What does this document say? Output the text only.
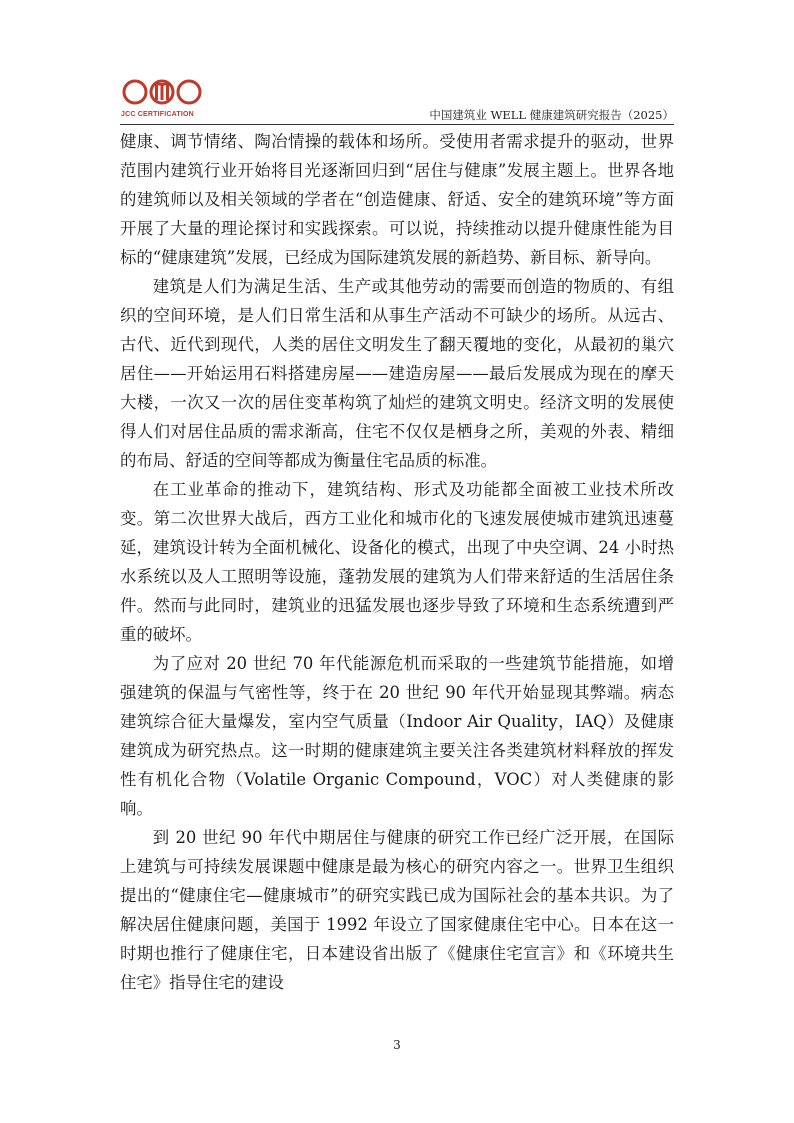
JCC CERTIFICATION	中国建筑业 WELL 健康建筑研究报告（2025）

健康、调节情绪、陶冶情操的载体和场所。受使用者需求提升的驱动，世界范围内建筑行业开始将目光逐渐回归到“居住与健康”发展主题上。世界各地的建筑师以及相关领域的学者在“创造健康、舒适、安全的建筑环境”等方面开展了大量的理论探讨和实践探索。可以说，持续推动以提升健康性能为目标的“健康建筑”发展，已经成为国际建筑发展的新趋势、新目标、新导向。

建筑是人们为满足生活、生产或其他劳动的需要而创造的物质的、有组织的空间环境，是人们日常生活和从事生产活动不可缺少的场所。从远古、古代、近代到现代，人类的居住文明发生了翻天覆地的变化，从最初的巢穴居住——开始运用石料搭建房屋——建造房屋——最后发展成为现在的摩天大楼，一次又一次的居住变革构筑了灿烂的建筑文明史。经济文明的发展使得人们对居住品质的需求渐高，住宅不仅仅是栖身之所，美观的外表、精细的布局、舒适的空间等都成为衡量住宅品质的标准。

在工业革命的推动下，建筑结构、形式及功能都全面被工业技术所改变。第二次世界大战后，西方工业化和城市化的飞速发展使城市建筑迅速蔓延，建筑设计转为全面机械化、设备化的模式，出现了中央空调、24 小时热水系统以及人工照明等设施，蓬勃发展的建筑为人们带来舒适的生活居住条件。然而与此同时，建筑业的迅猛发展也逐步导致了环境和生态系统遭到严重的破坏。

为了应对 20 世纪 70 年代能源危机而采取的一些建筑节能措施，如增强建筑的保温与气密性等，终于在 20 世纪 90 年代开始显现其弊端。病态建筑综合征大量爆发，室内空气质量（Indoor Air Quality，IAQ）及健康建筑成为研究热点。这一时期的健康建筑主要关注各类建筑材料释放的挥发性有机化合物（Volatile Organic Compound，VOC）对人类健康的影响。

到 20 世纪 90 年代中期居住与健康的研究工作已经广泛开展，在国际上建筑与可持续发展课题中健康是最为核心的研究内容之一。世界卫生组织提出的“健康住宅—健康城市”的研究实践已成为国际社会的基本共识。为了解决居住健康问题，美国于 1992 年设立了国家健康住宅中心。日本在这一时期也推行了健康住宅，日本建设省出版了《健康住宅宣言》和《环境共生住宅》指导住宅的建设

3
